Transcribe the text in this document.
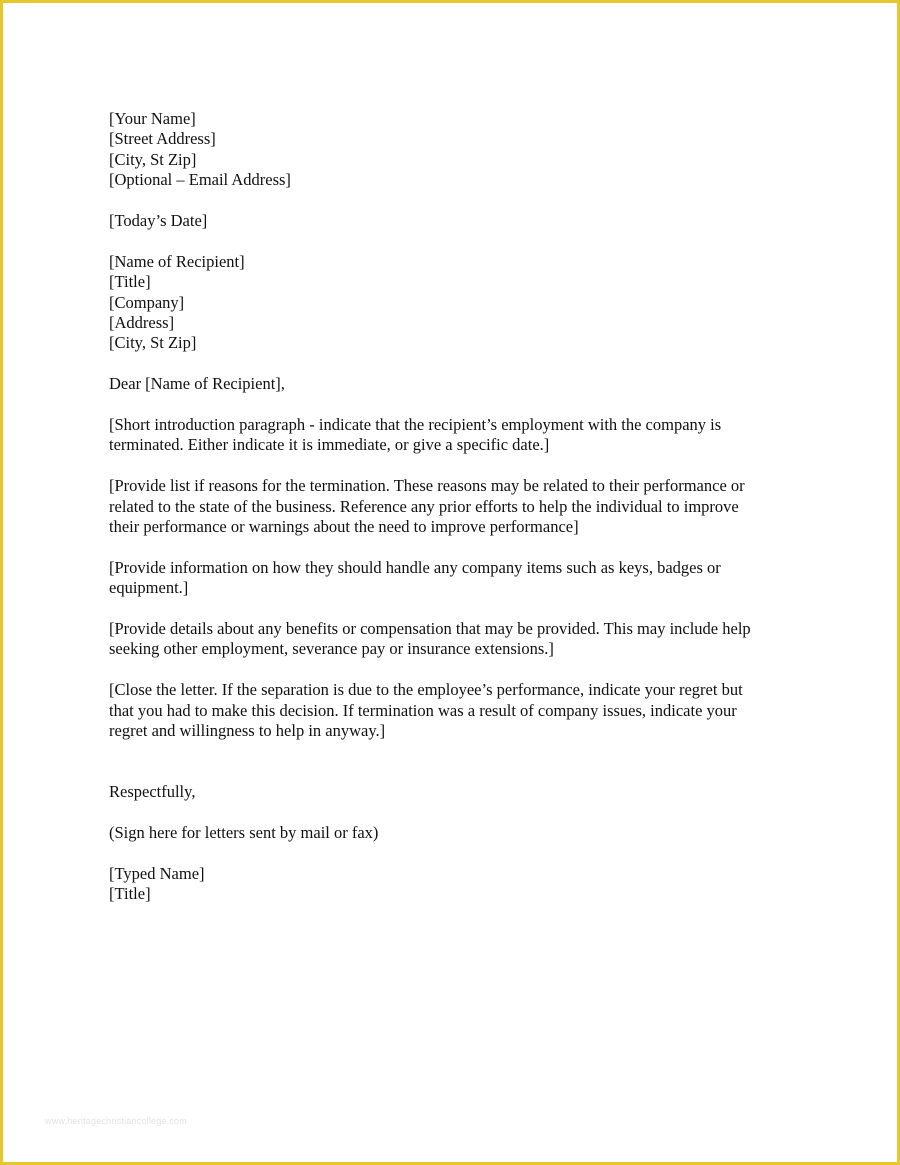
[Your Name]
[Street Address]
[City, St Zip]
[Optional – Email Address]
[Today’s Date]
[Name of Recipient]
[Title]
[Company]
[Address]
[City, St Zip]
Dear [Name of Recipient],

[Short introduction paragraph - indicate that the recipient’s employment with the company is
terminated. Either indicate it is immediate, or give a specific date.]

[Provide list if reasons for the termination. These reasons may be related to their performance or
related to the state of the business. Reference any prior efforts to help the individual to improve
their performance or warnings about the need to improve performance]

[Provide information on how they should handle any company items such as keys, badges or
equipment.]

[Provide details about any benefits or compensation that may be provided. This may include help
seeking other employment, severance pay or insurance extensions.]

[Close the letter. If the separation is due to the employee’s performance, indicate your regret but
that you had to make this decision. If termination was a result of company issues, indicate your
regret and willingness to help in anyway.]

Respectfully,
(Sign here for letters sent by mail or fax)
[Typed Name]
[Title]
www.heritagechristiancollege.com
